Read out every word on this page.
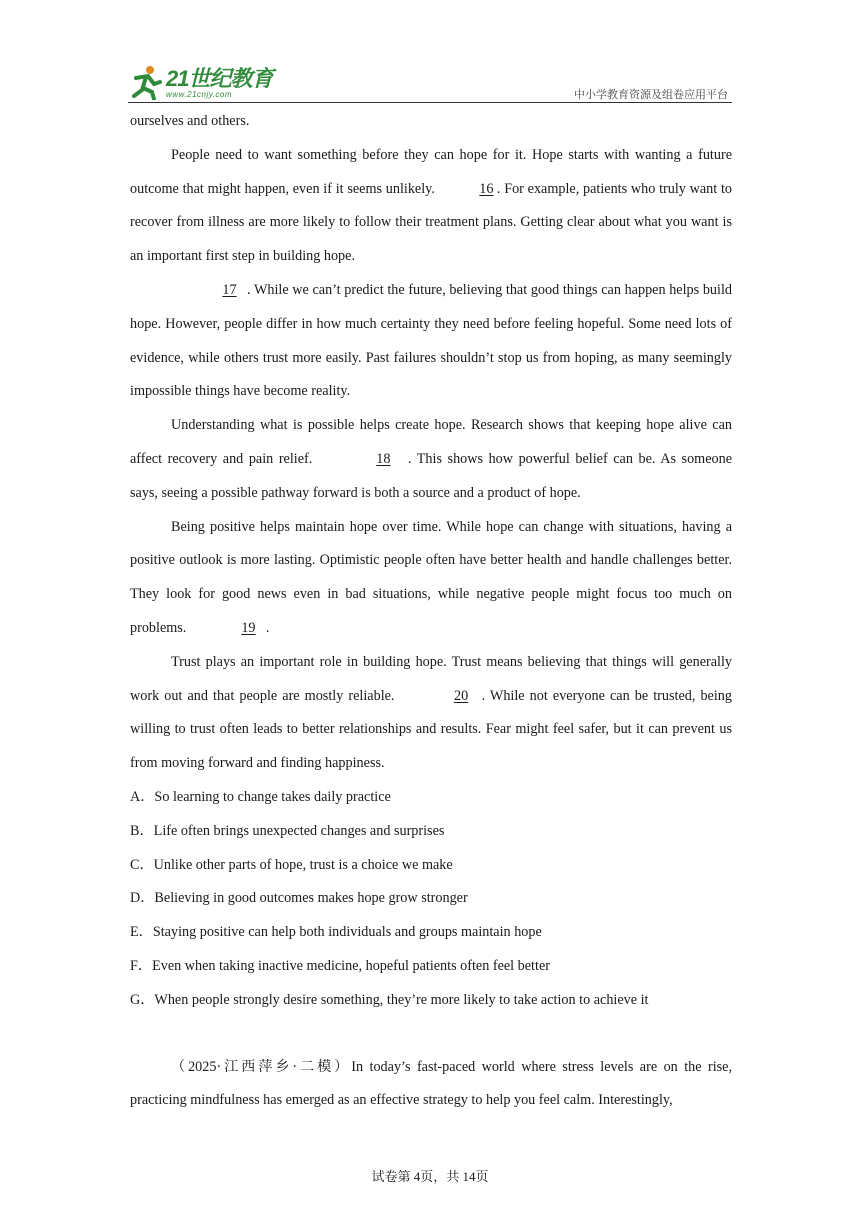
21世纪教育
www.21cnjy.com	中小学教育资源及组卷应用平台

ourselves and others.

People need to want something before they can hope for it. Hope starts with wanting a future outcome that might happen, even if it seems unlikely.	16 . For example, patients who truly want to recover from illness are more likely to follow their treatment plans. Getting clear about what you want is an important first step in building hope.

17 . While we can’t predict the future, believing that good things can happen helps build hope. However, people differ in how much certainty they need before feeling hopeful. Some need lots of evidence, while others trust more easily. Past failures shouldn’t stop us from hoping, as many seemingly impossible things have become reality.

Understanding what is possible helps create hope. Research shows that keeping hope alive can affect recovery and pain relief.	18 . This shows how powerful belief can be. As someone says, seeing a possible pathway forward is both a source and a product of hope.

Being positive helps maintain hope over time. While hope can change with situations, having a positive outlook is more lasting. Optimistic people often have better health and handle challenges better. They look for good news even in bad situations, while negative people might focus too much on problems.	19 .

Trust plays an important role in building hope. Trust means believing that things will generally work out and that people are mostly reliable.	20 . While not everyone can be trusted, being willing to trust often leads to better relationships and results. Fear might feel safer, but it can prevent us from moving forward and finding happiness.

A．So learning to change takes daily practice

B．Life often brings unexpected changes and surprises

C．Unlike other parts of hope, trust is a choice we make

D．Believing in good outcomes makes hope grow stronger

E．Staying positive can help both individuals and groups maintain hope

F．Even when taking inactive medicine, hopeful patients often feel better

G．When people strongly desire something, they’re more likely to take action to achieve it

（2025·江西萍乡·二模）In today’s fast-paced world where stress levels are on the rise, practicing mindfulness has emerged as an effective strategy to help you feel calm. Interestingly,

试卷第 4页，共 14页
